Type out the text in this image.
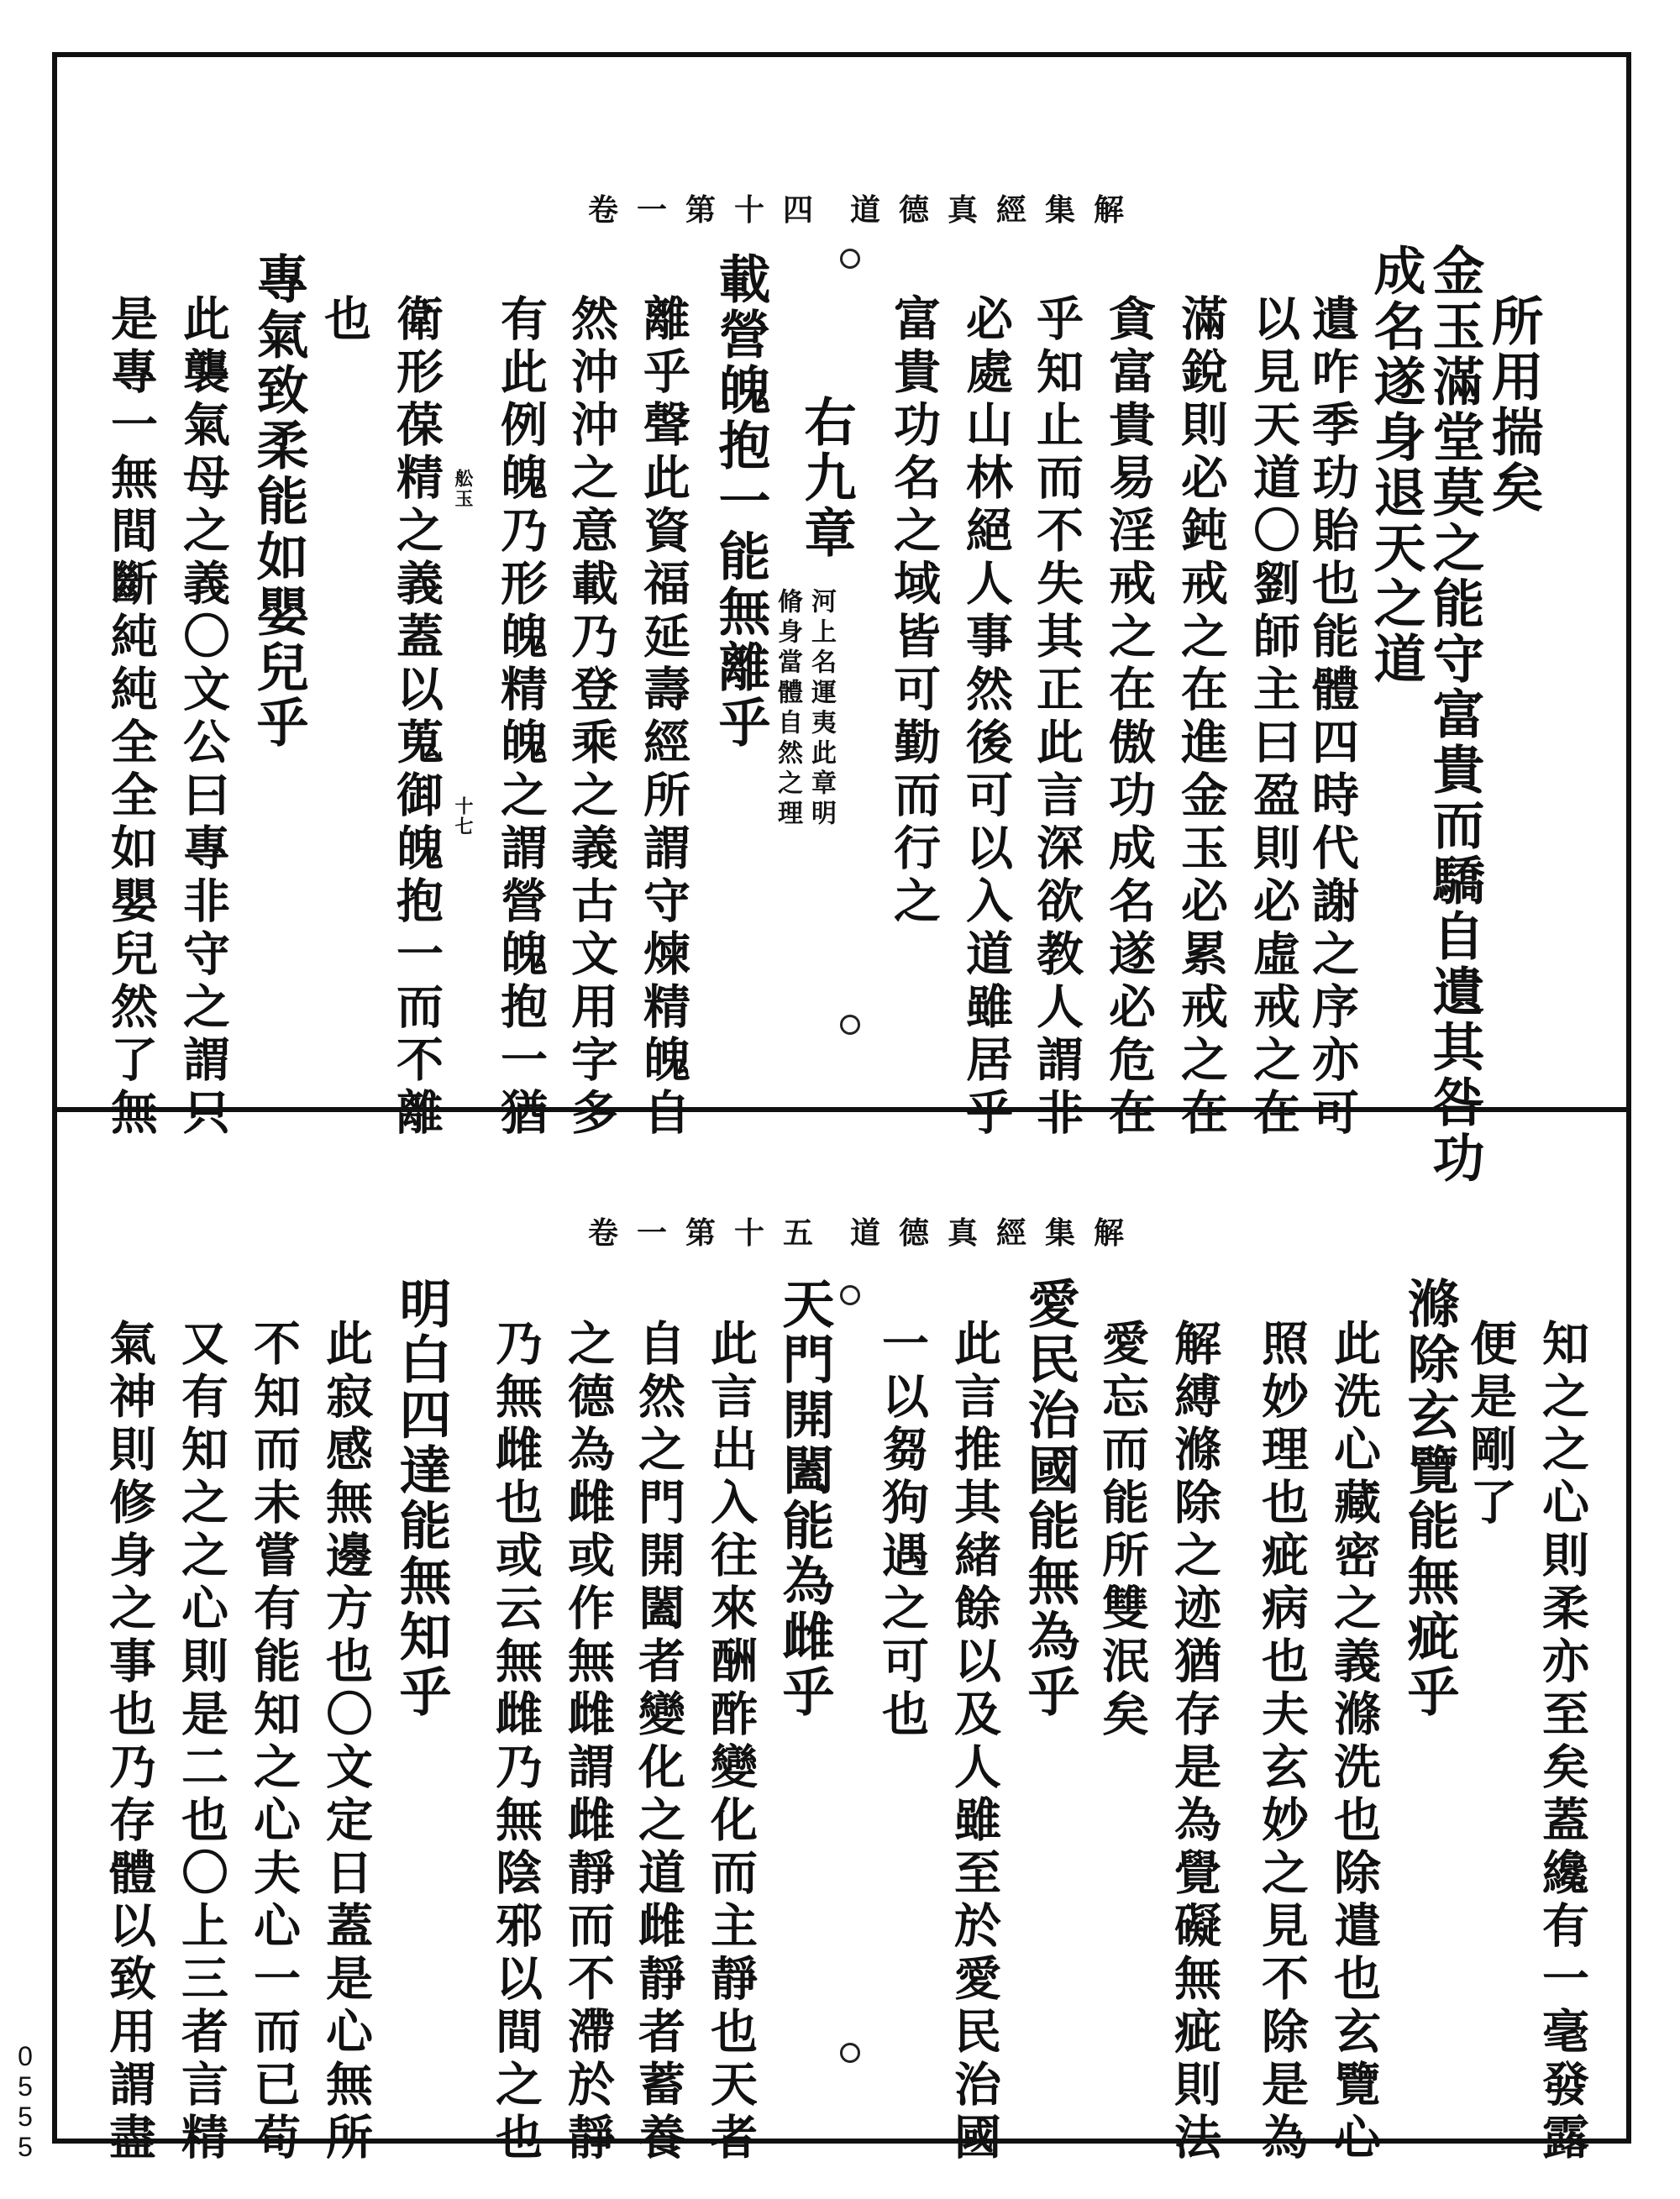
卷一第十四 道德真經集解
所用揣矣
金玉滿堂莫之能守富貴而驕自遺其咎功
成名遂身退天之道
遺咋季玏貽也能體四時代謝之序亦可
以見天道〇劉師主曰盈則必虛戒之在
滿銳則必鈍戒之在進金玉必累戒之在
貪富貴易淫戒之在傲功成名遂必危在
乎知止而不失其正此言深欲教人謂非
必處山林絕人事然後可以入道雖居乎
富貴功名之域皆可勤而行之
右九章
河上名運夷此章明
脩身當體自然之理
載營魄抱一能無離乎
離乎聲此資福延壽經所謂守煉精魄自
然沖沖之意載乃登乘之義古文用字多
有此例魄乃形魄精魄之謂營魄抱一猶
舩玉
十七
衛形葆精之義蓋以蒐御魄抱一而不離
也
專氣致柔能如嬰兒乎
此襲氣母之義〇文公曰專非守之謂只
是專一無間斷純純全全如嬰兒然了無
卷一第十五 道德真經集解
知之之心則柔亦至矣蓋纔有一毫發露
便是剛了
滌除玄覽能無疵乎
此洗心藏密之義滌洗也除遣也玄覽心
照妙理也疵病也夫玄妙之見不除是為
解縛滌除之迹猶存是為覺礙無疵則法
愛忘而能所雙泯矣
愛民治國能無為乎
此言推其緒餘以及人雖至於愛民治國
一以芻狗遇之可也
天門開闔能為雌乎
此言出入往來酬酢變化而主靜也天者
自然之門開闔者變化之道雌靜者蓄養
之德為雌或作無雌謂雌靜而不滯於靜
乃無雌也或云無雌乃無陰邪以間之也
明白四達能無知乎
此寂感無邊方也〇文定日蓋是心無所
不知而未嘗有能知之心夫心一而已苟
又有知之之心則是二也〇上三者言精
氣神則修身之事也乃存體以致用謂盡
0
5
5
5
